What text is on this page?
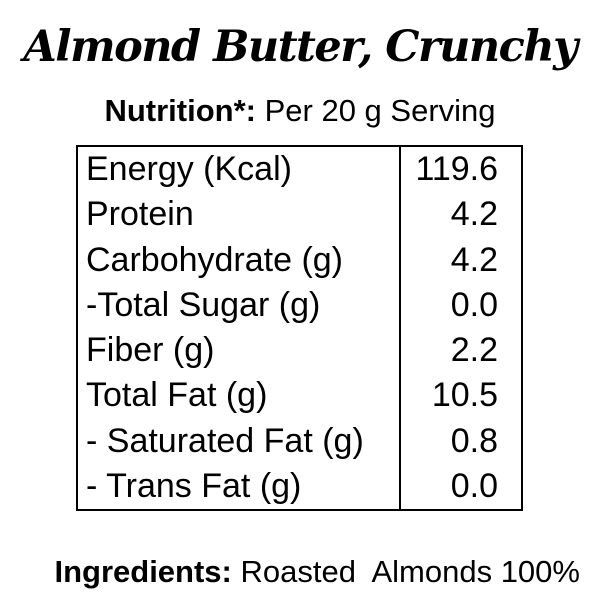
Almond Butter, Crunchy
Nutrition*: Per 20 g Serving
Energy (Kcal)	119.6
Protein	4.2
Carbohydrate (g)	4.2
-Total Sugar (g)	0.0
Fiber (g)	2.2
Total Fat (g)	10.5
- Saturated Fat (g)	0.8
- Trans Fat (g)	0.0

Ingredients: Roasted  Almonds 100%
